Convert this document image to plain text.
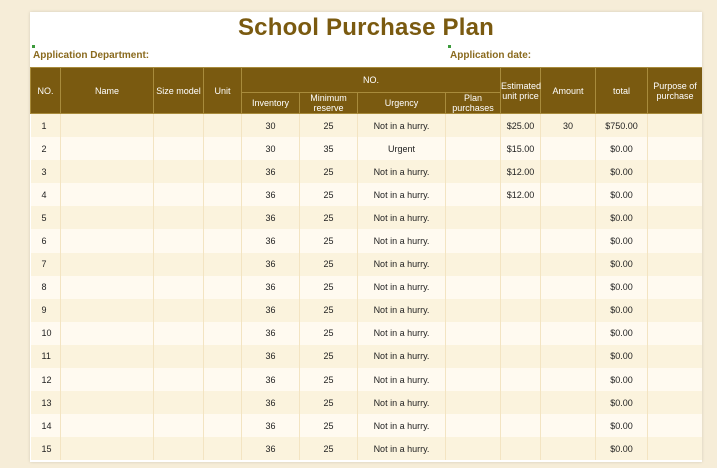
School Purchase Plan
Application Department:	Application date:
NO.	Name	Size model	Unit	NO.				Estimated unit price	Amount	total	Purpose of purchase
				Inventory	Minimum reserve	Urgency	Plan purchases				
1				30	25	Not in a hurry.		$25.00	30	$750.00	
2				30	35	Urgent		$15.00		$0.00	
3				36	25	Not in a hurry.		$12.00		$0.00	
4				36	25	Not in a hurry.		$12.00		$0.00	
5				36	25	Not in a hurry.				$0.00	
6				36	25	Not in a hurry.				$0.00	
7				36	25	Not in a hurry.				$0.00	
8				36	25	Not in a hurry.				$0.00	
9				36	25	Not in a hurry.				$0.00	
10				36	25	Not in a hurry.				$0.00	
11				36	25	Not in a hurry.				$0.00	
12				36	25	Not in a hurry.				$0.00	
13				36	25	Not in a hurry.				$0.00	
14				36	25	Not in a hurry.				$0.00	
15				36	25	Not in a hurry.				$0.00	
